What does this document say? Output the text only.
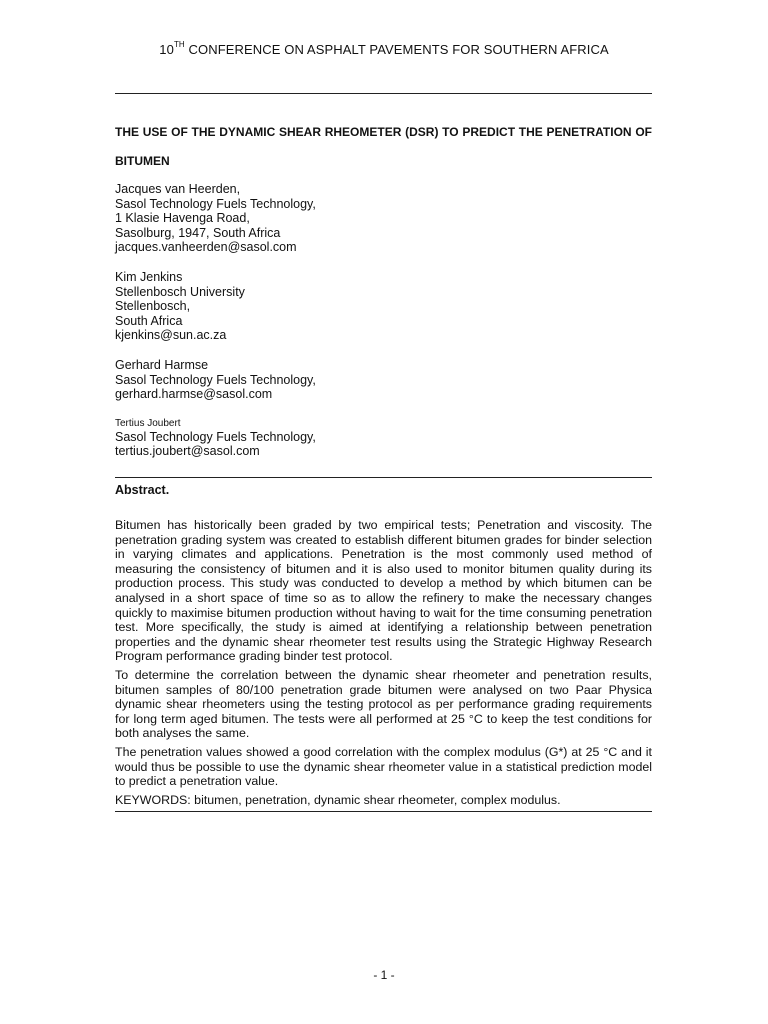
10TH CONFERENCE ON ASPHALT PAVEMENTS FOR SOUTHERN AFRICA
THE USE OF THE DYNAMIC SHEAR RHEOMETER (DSR) TO PREDICT THE PENETRATION OF BITUMEN
Jacques van Heerden,
Sasol Technology Fuels Technology,
1 Klasie Havenga Road,
Sasolburg, 1947, South Africa
jacques.vanheerden@sasol.com
Kim Jenkins
Stellenbosch University
Stellenbosch,
South Africa
kjenkins@sun.ac.za
Gerhard Harmse
Sasol Technology Fuels Technology,
gerhard.harmse@sasol.com
Tertius Joubert
Sasol Technology Fuels Technology,
tertius.joubert@sasol.com
Abstract.

Bitumen has historically been graded by two empirical tests; Penetration and viscosity. The penetration grading system was created to establish different bitumen grades for binder selection in varying climates and applications. Penetration is the most commonly used method of measuring the consistency of bitumen and it is also used to monitor bitumen quality during its production process. This study was conducted to develop a method by which bitumen can be analysed in a short space of time so as to allow the refinery to make the necessary changes quickly to maximise bitumen production without having to wait for the time consuming penetration test. More specifically, the study is aimed at identifying a relationship between penetration properties and the dynamic shear rheometer test results using the Strategic Highway Research Program performance grading binder test protocol.

To determine the correlation between the dynamic shear rheometer and penetration results, bitumen samples of 80/100 penetration grade bitumen were analysed on two Paar Physica dynamic shear rheometers using the testing protocol as per performance grading requirements for long term aged bitumen. The tests were all performed at 25 °C to keep the test conditions for both analyses the same.

The penetration values showed a good correlation with the complex modulus (G*) at 25 °C and it would thus be possible to use the dynamic shear rheometer value in a statistical prediction model to predict a penetration value.

KEYWORDS: bitumen, penetration, dynamic shear rheometer, complex modulus.

- 1 -
